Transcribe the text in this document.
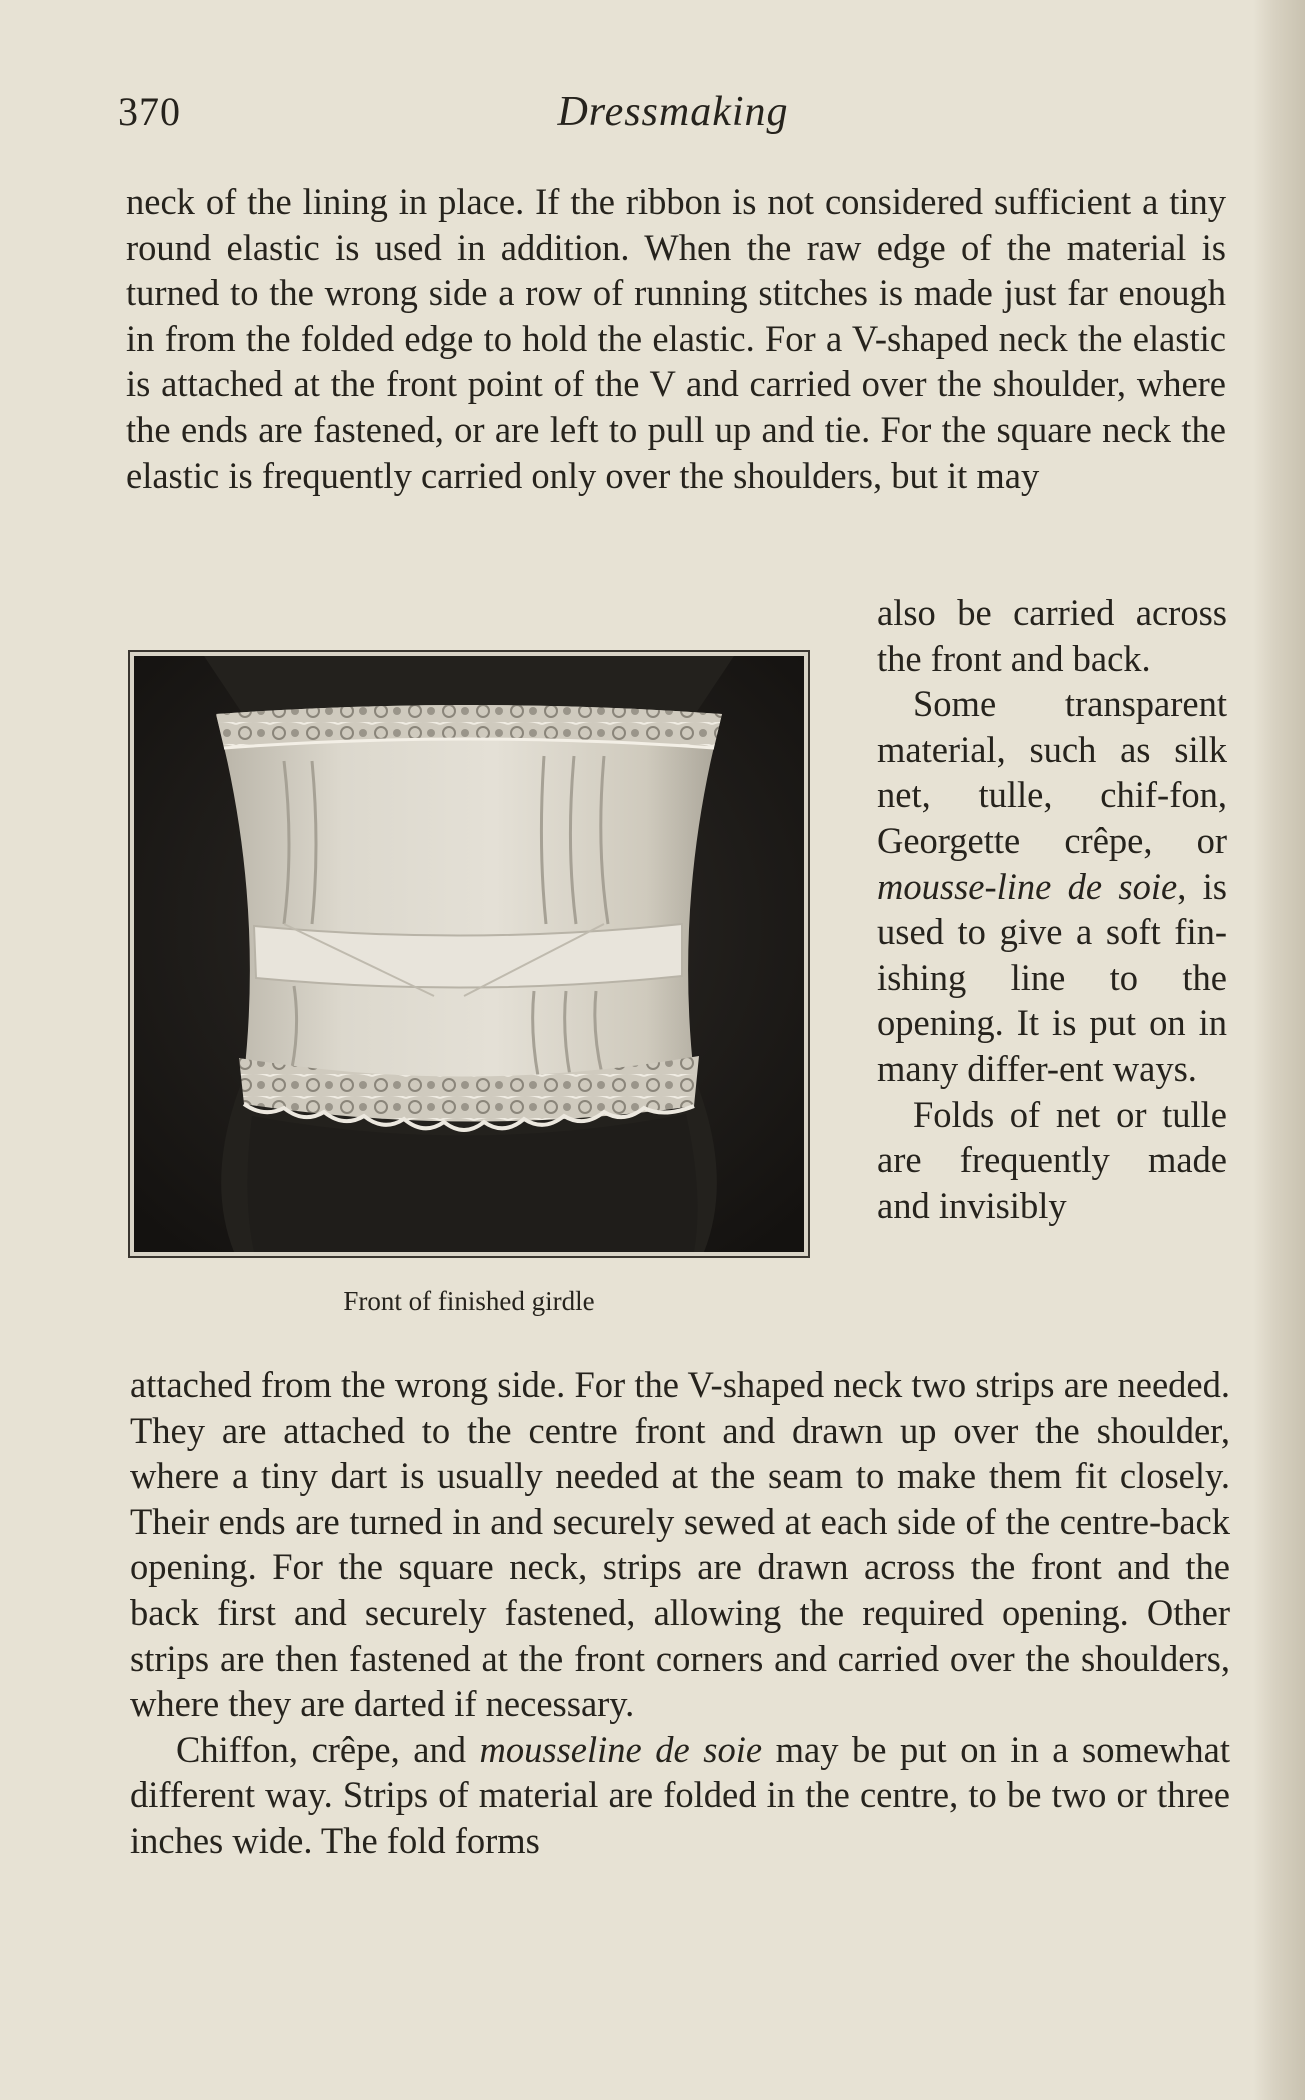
370	Dressmaking

neck of the lining in place. If the ribbon is not considered sufficient a tiny round elastic is used in addition. When the raw edge of the material is turned to the wrong side a row of running stitches is made just far enough in from the folded edge to hold the elastic. For a V-shaped neck the elastic is attached at the front point of the V and carried over the shoulder, where the ends are fastened, or are left to pull up and tie. For the square neck the elastic is frequently carried only over the shoulders, but it may

also be carried across the front and back.

Some transparent material, such as silk net, tulle, chif-fon, Georgette crêpe, or mousse-line de soie, is used to give a soft fin-ishing line to the opening. It is put on in many differ-ent ways.

Folds of net or tulle are frequently made and invisibly

Front of finished girdle

attached from the wrong side. For the V-shaped neck two strips are needed. They are attached to the centre front and drawn up over the shoulder, where a tiny dart is usually needed at the seam to make them fit closely. Their ends are turned in and securely sewed at each side of the centre-back opening. For the square neck, strips are drawn across the front and the back first and securely fastened, allowing the required opening. Other strips are then fastened at the front corners and carried over the shoulders, where they are darted if necessary.

Chiffon, crêpe, and mousseline de soie may be put on in a somewhat different way. Strips of material are folded in the centre, to be two or three inches wide. The fold forms
